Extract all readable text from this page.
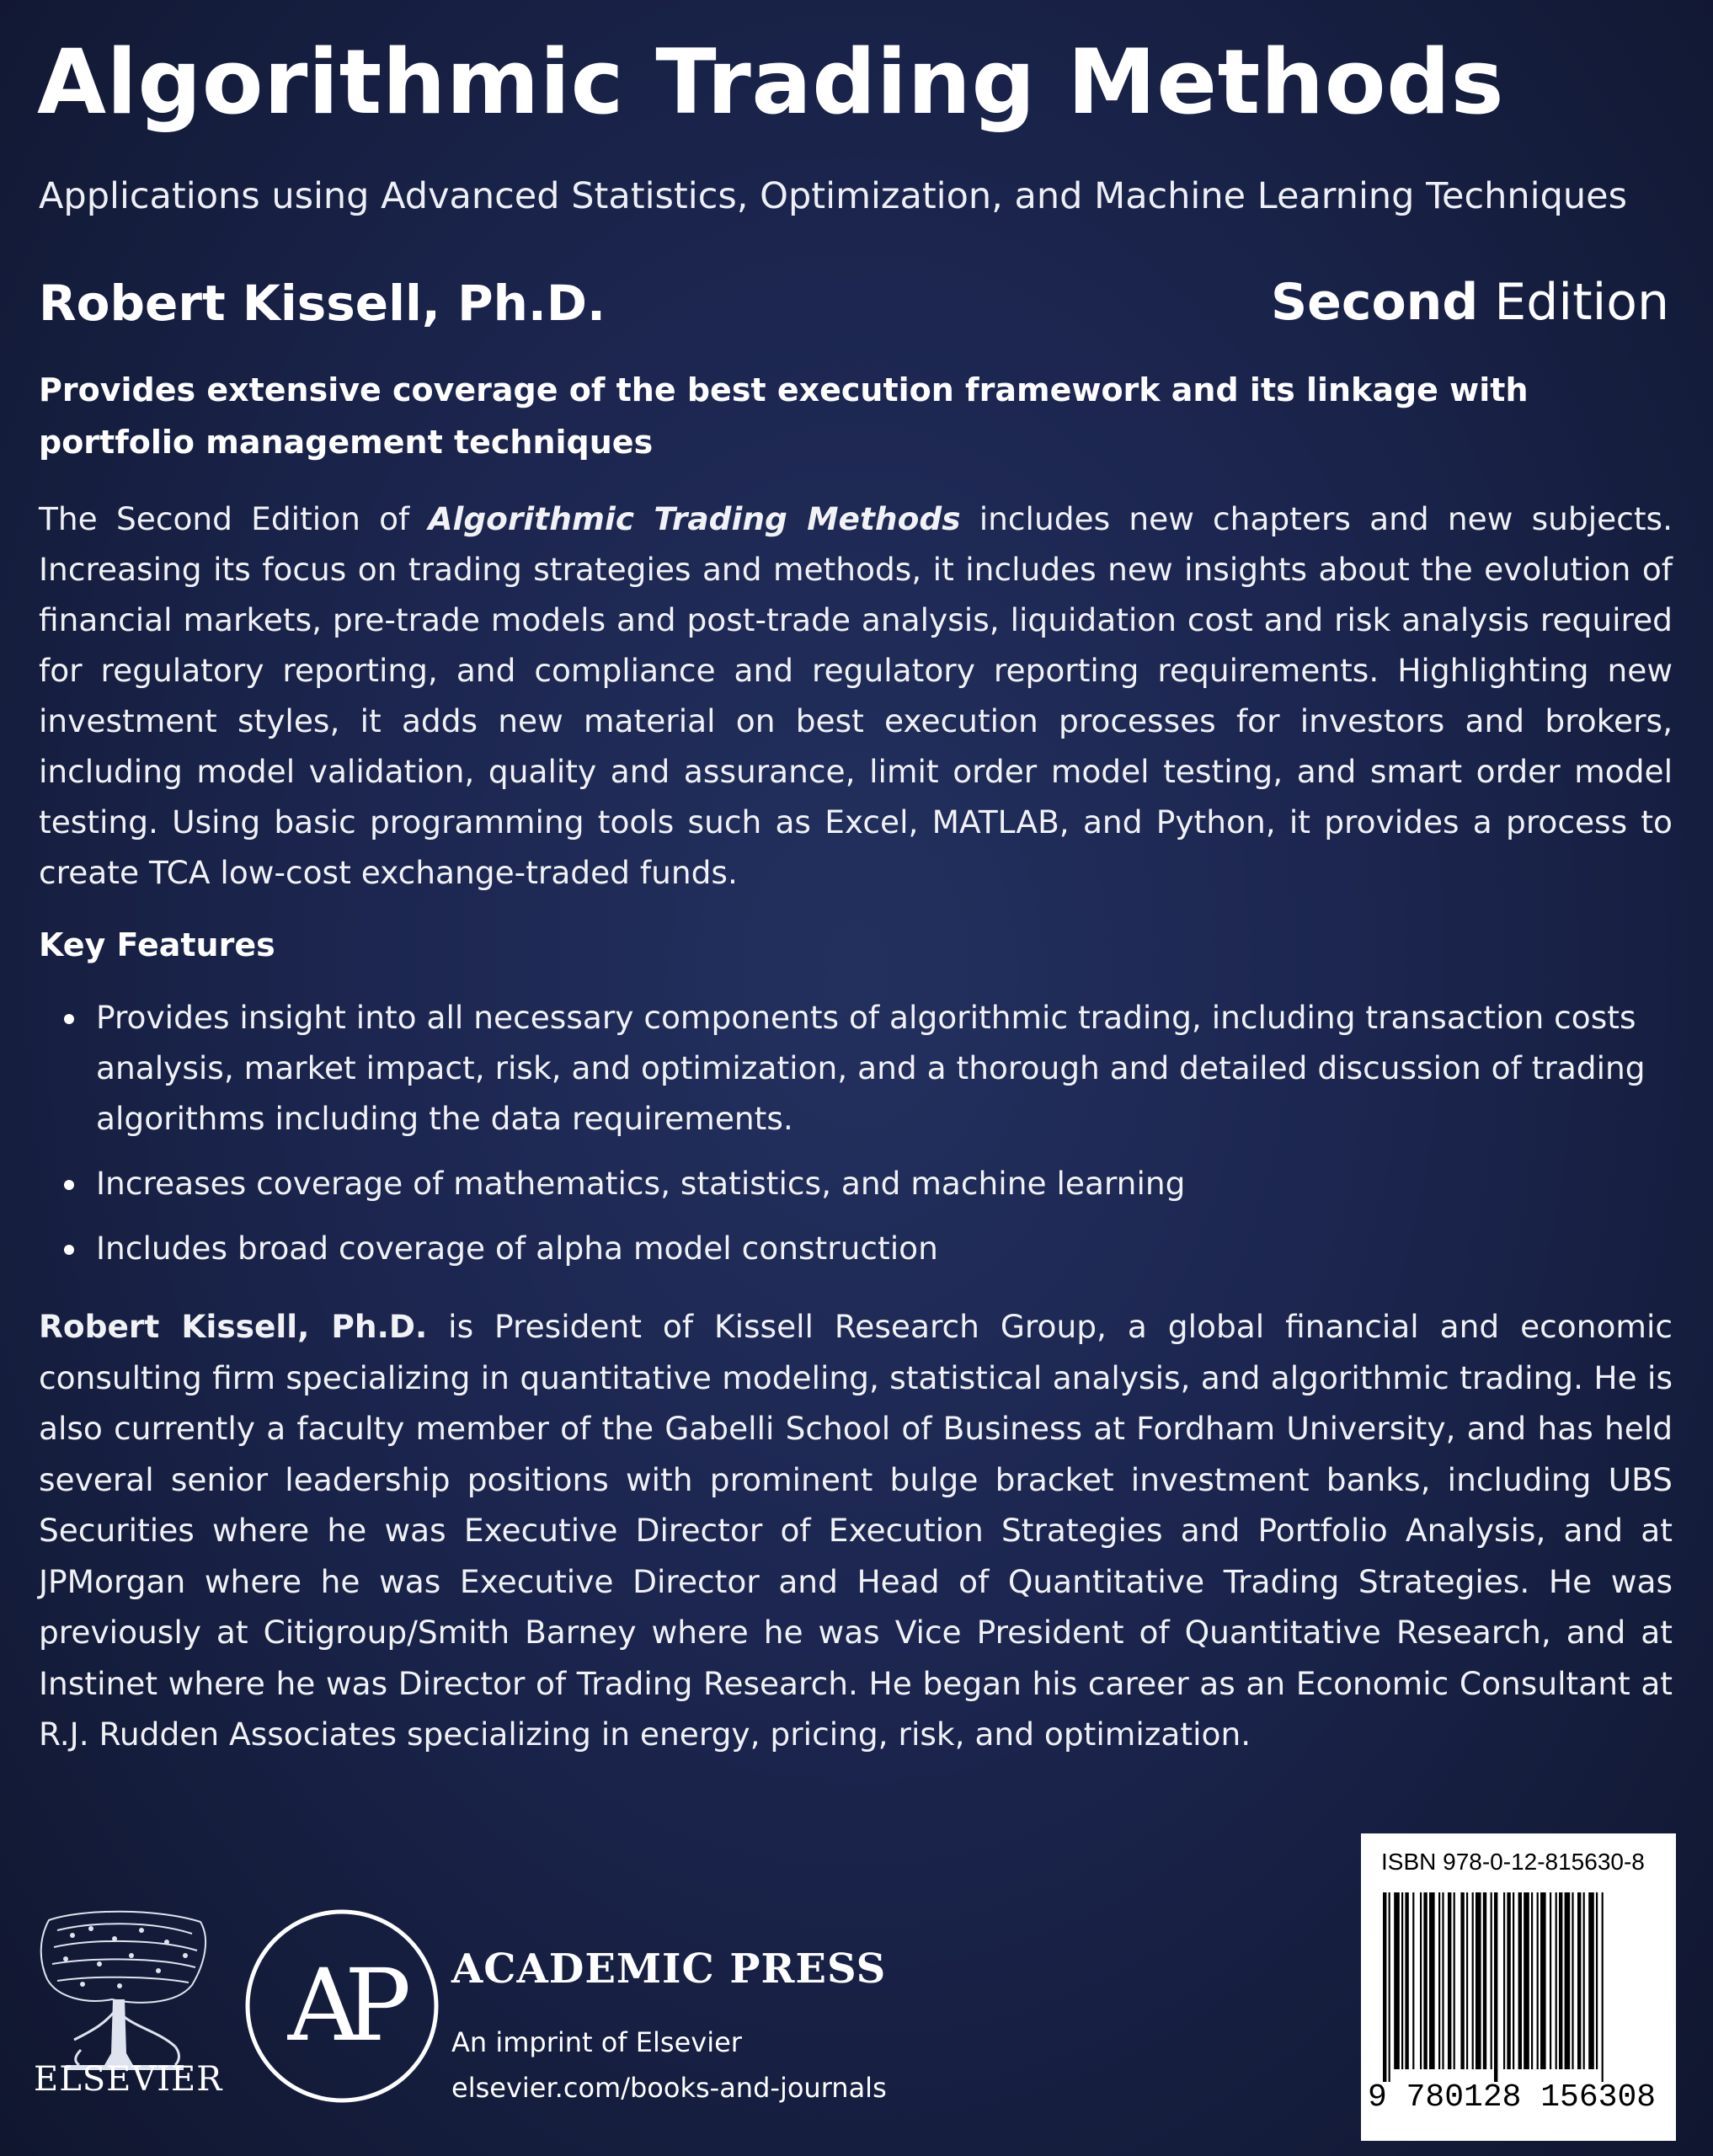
Algorithmic Trading Methods
Applications using Advanced Statistics, Optimization, and Machine Learning Techniques
Robert Kissell, Ph.D.	Second Edition
Provides extensive coverage of the best execution framework and its linkage with portfolio management techniques
The Second Edition of Algorithmic Trading Methods includes new chapters and new subjects. Increasing its focus on trading strategies and methods, it includes new insights about the evolution of financial markets, pre-trade models and post-trade analysis, liquidation cost and risk analysis required for regulatory reporting, and compliance and regulatory reporting requirements. Highlighting new investment styles, it adds new material on best execution processes for investors and brokers, including model validation, quality and assurance, limit order model testing, and smart order model testing. Using basic programming tools such as Excel, MATLAB, and Python, it provides a process to create TCA low-cost exchange-traded funds.
Key Features
Provides insight into all necessary components of algorithmic trading, including transaction costs analysis, market impact, risk, and optimization, and a thorough and detailed discussion of trading algorithms including the data requirements.
Increases coverage of mathematics, statistics, and machine learning
Includes broad coverage of alpha model construction
Robert Kissell, Ph.D. is President of Kissell Research Group, a global financial and economic consulting firm specializing in quantitative modeling, statistical analysis, and algorithmic trading. He is also currently a faculty member of the Gabelli School of Business at Fordham University, and has held several senior leadership positions with prominent bulge bracket investment banks, including UBS Securities where he was Executive Director of Execution Strategies and Portfolio Analysis, and at JPMorgan where he was Executive Director and Head of Quantitative Trading Strategies. He was previously at Citigroup/Smith Barney where he was Vice President of Quantitative Research, and at Instinet where he was Director of Trading Research. He began his career as an Economic Consultant at R.J. Rudden Associates specializing in energy, pricing, risk, and optimization.
ELSEVIER
AP	ACADEMIC PRESS
An imprint of Elsevier
elsevier.com/books-and-journals
ISBN 978-0-12-815630-8
9 780128 156308
